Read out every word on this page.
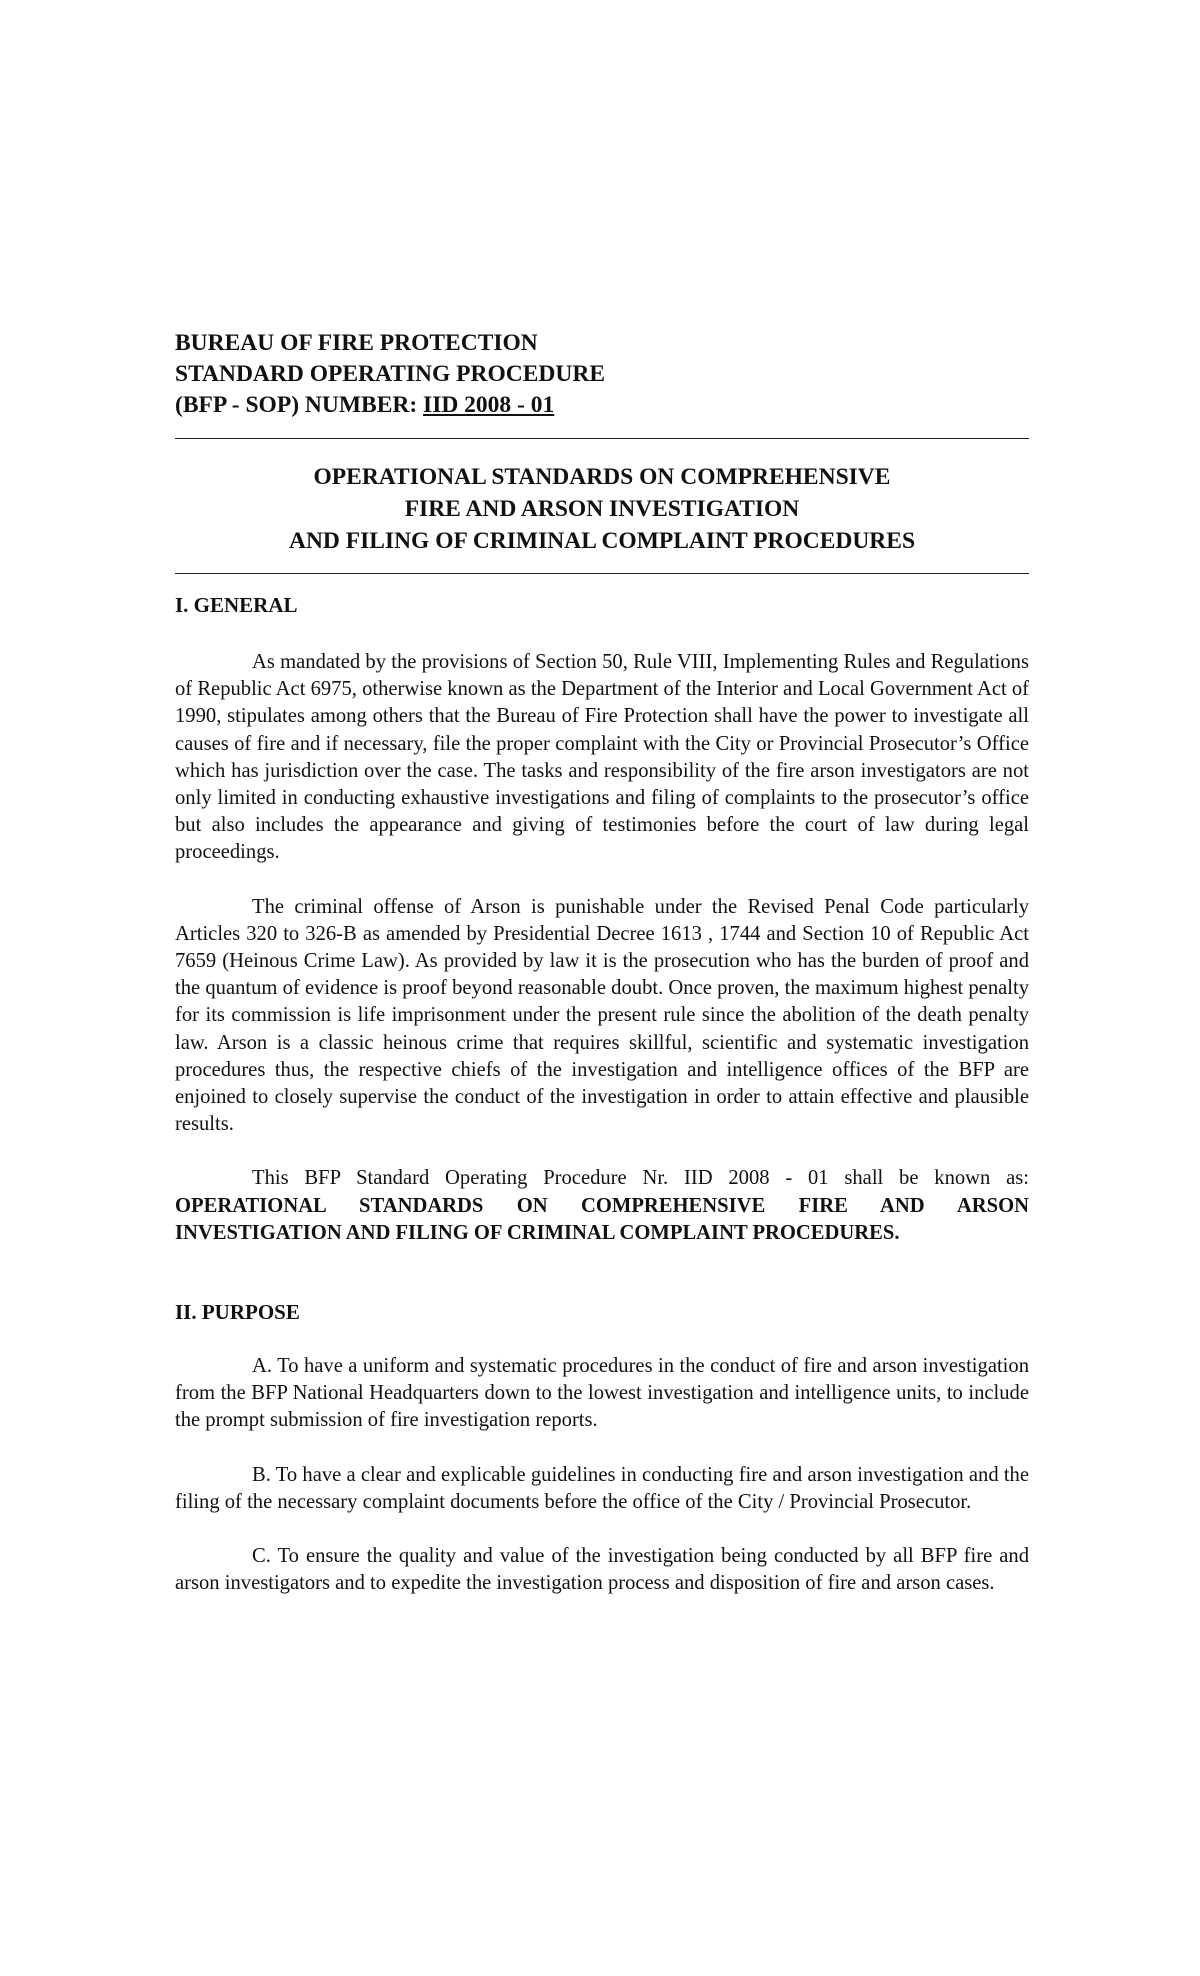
BUREAU OF FIRE PROTECTION
STANDARD OPERATING PROCEDURE
(BFP - SOP) NUMBER: IID 2008 - 01
OPERATIONAL STANDARDS ON COMPREHENSIVE
FIRE AND ARSON INVESTIGATION
AND FILING OF CRIMINAL COMPLAINT PROCEDURES
I. GENERAL

As mandated by the provisions of Section 50, Rule VIII, Implementing Rules and Regulations of Republic Act 6975, otherwise known as the Department of the Interior and Local Government Act of 1990, stipulates among others that the Bureau of Fire Protection shall have the power to investigate all causes of fire and if necessary, file the proper complaint with the City or Provincial Prosecutor’s Office which has jurisdiction over the case. The tasks and responsibility of the fire arson investigators are not only limited in conducting exhaustive investigations and filing of complaints to the prosecutor’s office but also includes the appearance and giving of testimonies before the court of law during legal proceedings.

The criminal offense of Arson is punishable under the Revised Penal Code particularly Articles 320 to 326-B as amended by Presidential Decree 1613 , 1744 and Section 10 of Republic Act 7659 (Heinous Crime Law). As provided by law it is the prosecution who has the burden of proof and the quantum of evidence is proof beyond reasonable doubt. Once proven, the maximum highest penalty for its commission is life imprisonment under the present rule since the abolition of the death penalty law. Arson is a classic heinous crime that requires skillful, scientific and systematic investigation procedures thus, the respective chiefs of the investigation and intelligence offices of the BFP are enjoined to closely supervise the conduct of the investigation in order to attain effective and plausible results.

This BFP Standard Operating Procedure Nr. IID 2008 - 01 shall be known as: OPERATIONAL STANDARDS ON COMPREHENSIVE FIRE AND ARSON INVESTIGATION AND FILING OF CRIMINAL COMPLAINT PROCEDURES.

II. PURPOSE

A. To have a uniform and systematic procedures in the conduct of fire and arson investigation from the BFP National Headquarters down to the lowest investigation and intelligence units, to include the prompt submission of fire investigation reports.

B. To have a clear and explicable guidelines in conducting fire and arson investigation and the filing of the necessary complaint documents before the office of the City / Provincial Prosecutor.

C. To ensure the quality and value of the investigation being conducted by all BFP fire and arson investigators and to expedite the investigation process and disposition of fire and arson cases.
